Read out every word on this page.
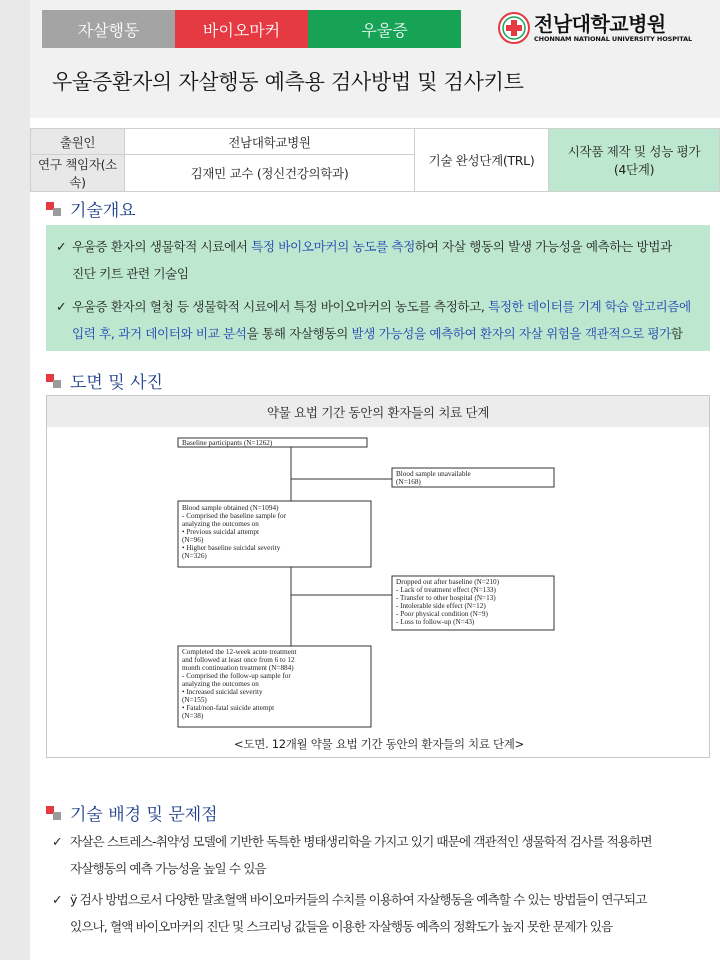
자살행동	바이오마커	우울증	전남대학교병원
CHONNAM NATIONAL UNIVERSITY HOSPITAL
우울증환자의 자살행동 예측용 검사방법 및 검사키트
출원인	전남대학교병원	기술 완성단계(TRL)	시작품 제작 및 성능 평가
(4단계)

연구 책임자(소속)	김재민 교수 (정신건강의학과)		
기술개요
✓ 우울증 환자의 생물학적 시료에서 특정 바이오마커의 농도를 측정하여 자살 행동의 발생 가능성을 예측하는 방법과
진단 키트 관련 기술임
✓ 우울증 환자의 혈청 등 생물학적 시료에서 특정 바이오마커의 농도를 측정하고, 특정한 데이터를 기계 학습 알고리즘에
입력 후, 과거 데이터와 비교 분석을 통해 자살행동의 발생 가능성을 예측하여 환자의 자살 위험을 객관적으로 평가함
도면 및 사진
약물 요법 기간 동안의 환자들의 치료 단계
Baseline participants (N=1262)
Blood sample unavailable (N=168)
Blood sample obtained (N=1094) - Comprised the baseline sample for analyzing the outcomes on • Previous suicidal attempt (N=96) • Higher baseline suicidal severity (N=326)
Dropped out after baseline (N=210) - Lack of treatment effect (N=133) - Transfer to other hospital (N=13) - Intolerable side effect (N=12) - Poor physical condition (N=9) - Loss to follow-up (N=43)
Completed the 12-week acute treatment and followed at least once from 6 to 12 month continuation treatment (N=884) - Comprised the follow-up sample for analyzing the outcomes on • Increased suicidal severity (N=155) • Fatal/non-fatal suicide attempt (N=38)
<도면. 12개월 약물 요법 기간 동안의 환자들의 치료 단계>
기술 배경 및 문제점
✓ 자살은 스트레스-취약성 모델에 기반한 독특한 병태생리학을 가지고 있기 때문에 객관적인 생물학적 검사를 적용하면
자살행동의 예측 가능성을 높일 수 있음
✓ ÿ 검사 방법으로서 다양한 말초혈액 바이오마커들의 수치를 이용하여 자살행동을 예측할 수 있는 방법들이 연구되고
있으나, 혈액 바이오마커의 진단 및 스크리닝 값들을 이용한 자살행동 예측의 정확도가 높지 못한 문제가 있음
